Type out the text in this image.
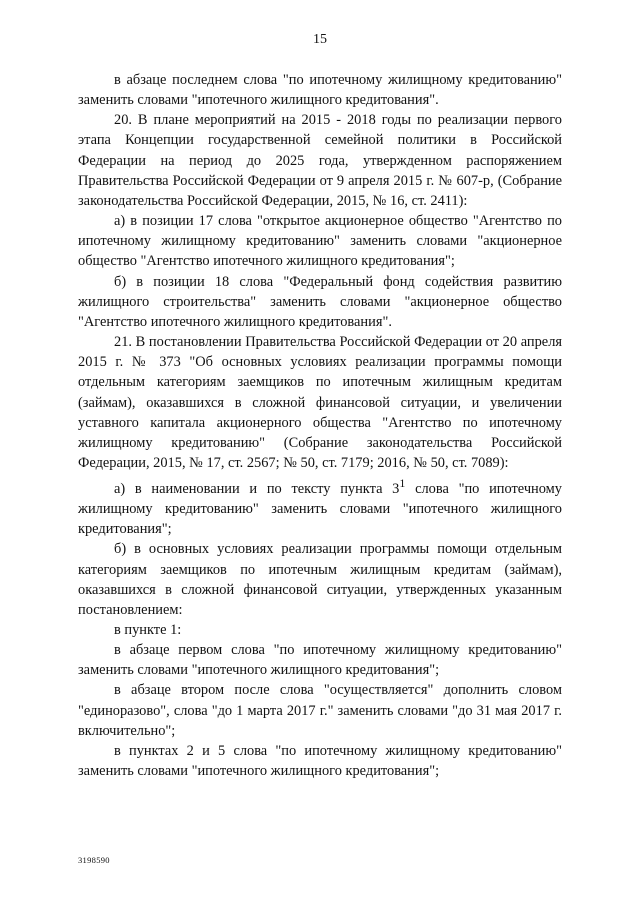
15

в абзаце последнем слова "по ипотечному жилищному кредитованию" заменить словами "ипотечного жилищного кредитования".

20. В плане мероприятий на 2015 - 2018 годы по реализации первого этапа Концепции государственной семейной политики в Российской Федерации на период до 2025 года, утвержденном распоряжением Правительства Российской Федерации от 9 апреля 2015 г. № 607-р, (Собрание законодательства Российской Федерации, 2015, № 16, ст. 2411):

а) в позиции 17 слова "открытое акционерное общество "Агентство по ипотечному жилищному кредитованию" заменить словами "акционерное общество "Агентство ипотечного жилищного кредитования";

б) в позиции 18 слова "Федеральный фонд содействия развитию жилищного строительства" заменить словами "акционерное общество "Агентство ипотечного жилищного кредитования".

21. В постановлении Правительства Российской Федерации от 20 апреля 2015 г. № 373 "Об основных условиях реализации программы помощи отдельным категориям заемщиков по ипотечным жилищным кредитам (займам), оказавшихся в сложной финансовой ситуации, и увеличении уставного капитала акционерного общества "Агентство по ипотечному жилищному кредитованию" (Собрание законодательства Российской Федерации, 2015, № 17, ст. 2567; № 50, ст. 7179; 2016, № 50, ст. 7089):

а) в наименовании и по тексту пункта $3^1$ слова "по ипотечному жилищному кредитованию" заменить словами "ипотечного жилищного кредитования";

б) в основных условиях реализации программы помощи отдельным категориям заемщиков по ипотечным жилищным кредитам (займам), оказавшихся в сложной финансовой ситуации, утвержденных указанным постановлением:

в пункте 1:

в абзаце первом слова "по ипотечному жилищному кредитованию" заменить словами "ипотечного жилищного кредитования";

в абзаце втором после слова "осуществляется" дополнить словом "единоразово", слова "до 1 марта 2017 г." заменить словами "до 31 мая 2017 г. включительно";

в пунктах 2 и 5 слова "по ипотечному жилищному кредитованию" заменить словами "ипотечного жилищного кредитования";

3198590
